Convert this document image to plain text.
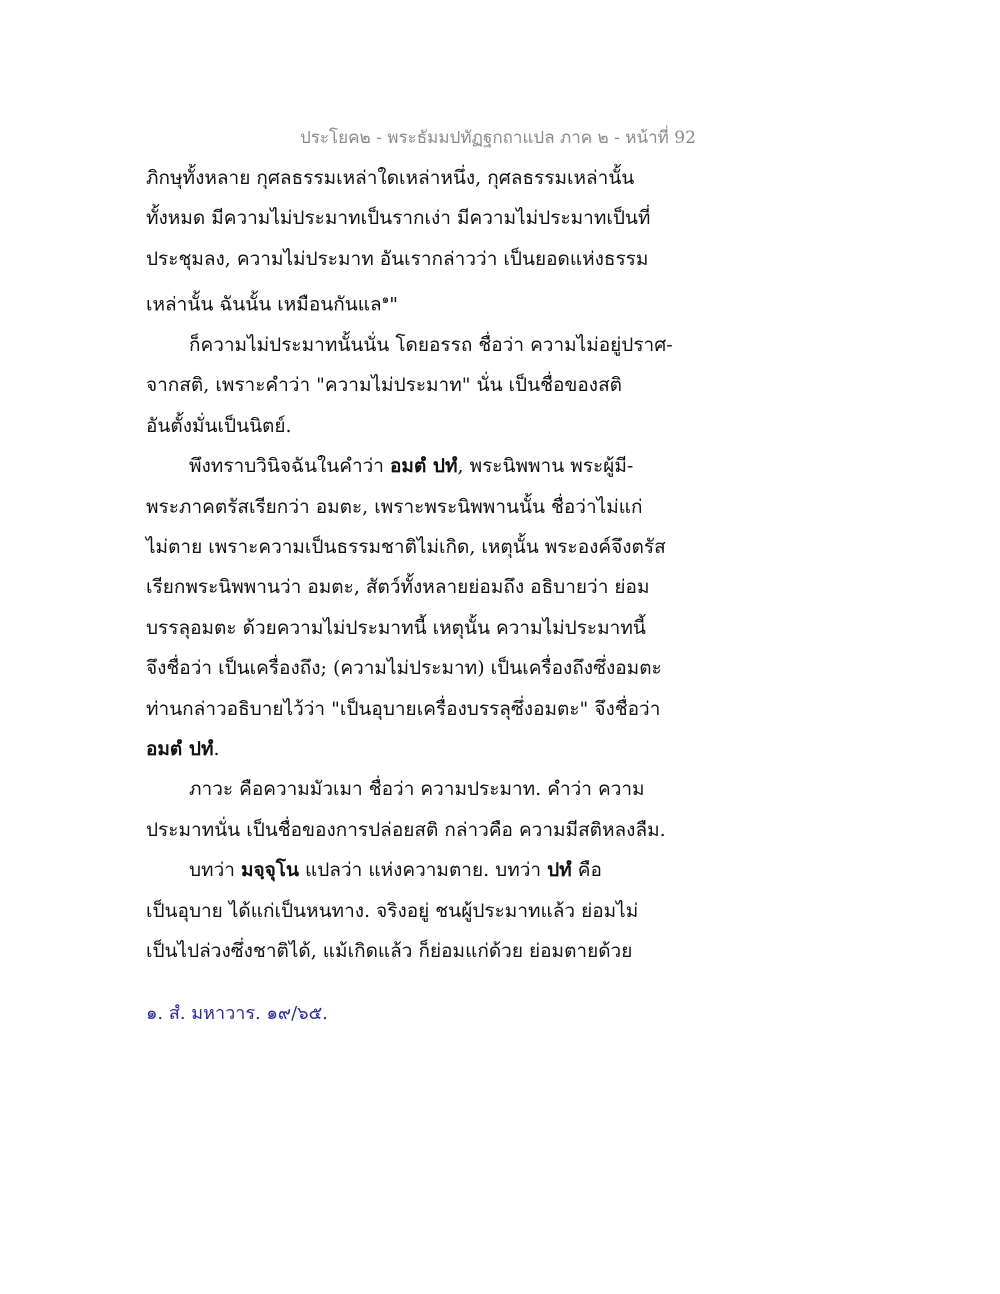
ประโยค๒ - พระธัมมปทัฏฐกถาแปล ภาค ๒ - หน้าที่ 92

ภิกษุทั้งหลาย กุศลธรรมเหล่าใดเหล่าหนึ่ง, กุศลธรรมเหล่านั้น
ทั้งหมด มีความไม่ประมาทเป็นรากเง่า มีความไม่ประมาทเป็นที่
ประชุมลง, ความไม่ประมาท อันเรากล่าวว่า เป็นยอดแห่งธรรม
เหล่านั้น ฉันนั้น เหมือนกันแล$^๑$"

ก็ความไม่ประมาทนั้นนั่น โดยอรรถ ชื่อว่า ความไม่อยู่ปราศ-
จากสติ, เพราะคำว่า "ความไม่ประมาท" นั่น เป็นชื่อของสติ
อันตั้งมั่นเป็นนิตย์.

พึงทราบวินิจฉันในคำว่า อมตํ ปทํ, พระนิพพาน พระผู้มี-
พระภาคตรัสเรียกว่า อมตะ, เพราะพระนิพพานนั้น ชื่อว่าไม่แก่
ไม่ตาย เพราะความเป็นธรรมชาติไม่เกิด, เหตุนั้น พระองค์จึงตรัส
เรียกพระนิพพานว่า อมตะ, สัตว์ทั้งหลายย่อมถึง อธิบายว่า ย่อม
บรรลุอมตะ ด้วยความไม่ประมาทนี้ เหตุนั้น ความไม่ประมาทนี้
จึงชื่อว่า เป็นเครื่องถึง; (ความไม่ประมาท) เป็นเครื่องถึงซึ่งอมตะ
ท่านกล่าวอธิบายไว้ว่า "เป็นอุบายเครื่องบรรลุซึ่งอมตะ" จึงชื่อว่า
อมตํ ปทํ.

ภาวะ คือความมัวเมา ชื่อว่า ความประมาท. คำว่า ความ
ประมาทนั่น เป็นชื่อของการปล่อยสติ กล่าวคือ ความมีสติหลงลืม.

บทว่า มจฺจุโน แปลว่า แห่งความตาย. บทว่า ปทํ คือ
เป็นอุบาย ได้แก่เป็นหนทาง. จริงอยู่ ชนผู้ประมาทแล้ว ย่อมไม่
เป็นไปล่วงซึ่งชาติได้, แม้เกิดแล้ว ก็ย่อมแก่ด้วย ย่อมตายด้วย

๑. สํ. มหาวาร. ๑๙/๖๕.
